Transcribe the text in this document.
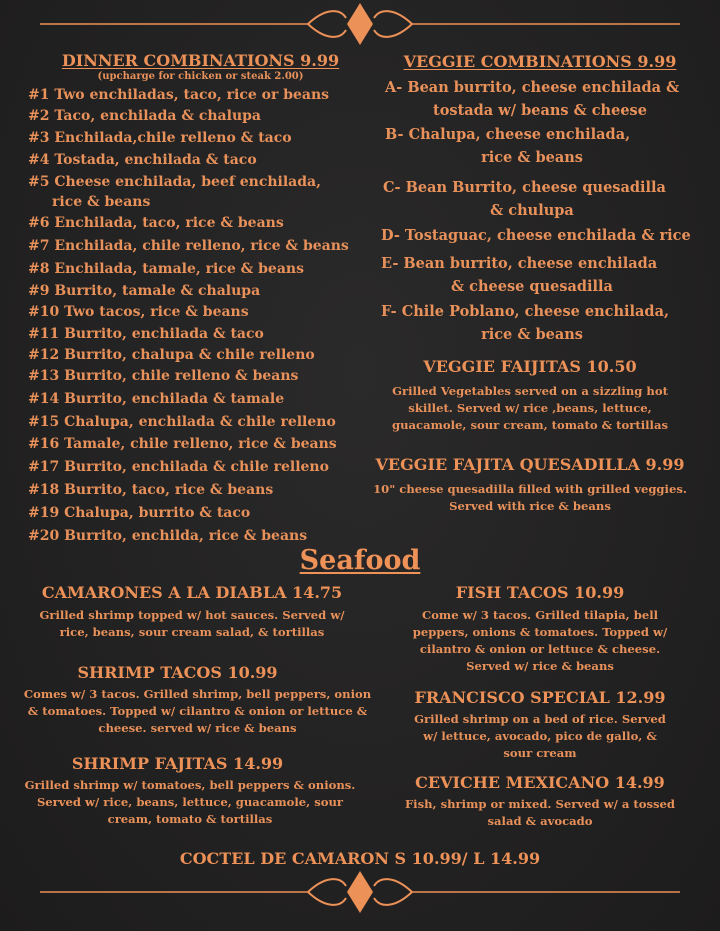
DINNER COMBINATIONS 9.99
(upcharge for chicken or steak 2.00)
#1 Two enchiladas, taco, rice or beans
#2 Taco, enchilada & chalupa
#3 Enchilada,chile relleno & taco
#4 Tostada, enchilada & taco
#5 Cheese enchilada, beef enchilada,
rice & beans
#6 Enchilada, taco, rice & beans
#7 Enchilada, chile relleno, rice & beans
#8 Enchilada, tamale, rice & beans
#9 Burrito, tamale & chalupa
#10 Two tacos, rice & beans
#11 Burrito, enchilada & taco
#12 Burrito, chalupa & chile relleno
#13 Burrito, chile relleno & beans
#14 Burrito, enchilada & tamale
#15 Chalupa, enchilada & chile relleno
#16 Tamale, chile relleno, rice & beans
#17 Burrito, enchilada & chile relleno
#18 Burrito, taco, rice & beans
#19 Chalupa, burrito & taco
#20 Burrito, enchilda, rice & beans
VEGGIE COMBINATIONS 9.99
A- Bean burrito, cheese enchilada &
tostada w/ beans & cheese
B- Chalupa, cheese enchilada,
rice & beans
C- Bean Burrito, cheese quesadilla
& chulupa
D- Tostaguac, cheese enchilada & rice
E- Bean burrito, cheese enchilada
& cheese quesadilla
F- Chile Poblano, cheese enchilada,
rice & beans
VEGGIE FAIJITAS 10.50
Grilled Vegetables served on a sizzling hot
skillet. Served w/ rice ,beans, lettuce,
guacamole, sour cream, tomato & tortillas
VEGGIE FAJITA QUESADILLA 9.99
10" cheese quesadilla filled with grilled veggies.
Served with rice & beans
Seafood
CAMARONES A LA DIABLA 14.75
Grilled shrimp topped w/ hot sauces. Served w/
rice, beans, sour cream salad, & tortillas
SHRIMP TACOS 10.99
Comes w/ 3 tacos. Grilled shrimp, bell peppers, onion
& tomatoes. Topped w/ cilantro & onion or lettuce &
cheese. served w/ rice & beans
SHRIMP FAJITAS 14.99
Grilled shrimp w/ tomatoes, bell peppers & onions.
Served w/ rice, beans, lettuce, guacamole, sour
cream, tomato & tortillas
FISH TACOS 10.99
Come w/ 3 tacos. Grilled tilapia, bell
peppers, onions & tomatoes. Topped w/
cilantro & onion or lettuce & cheese.
Served w/ rice & beans
FRANCISCO SPECIAL 12.99
Grilled shrimp on a bed of rice. Served
w/ lettuce, avocado, pico de gallo, &
sour cream
CEVICHE MEXICANO 14.99
Fish, shrimp or mixed. Served w/ a tossed
salad & avocado
COCTEL DE CAMARON S 10.99/ L 14.99
